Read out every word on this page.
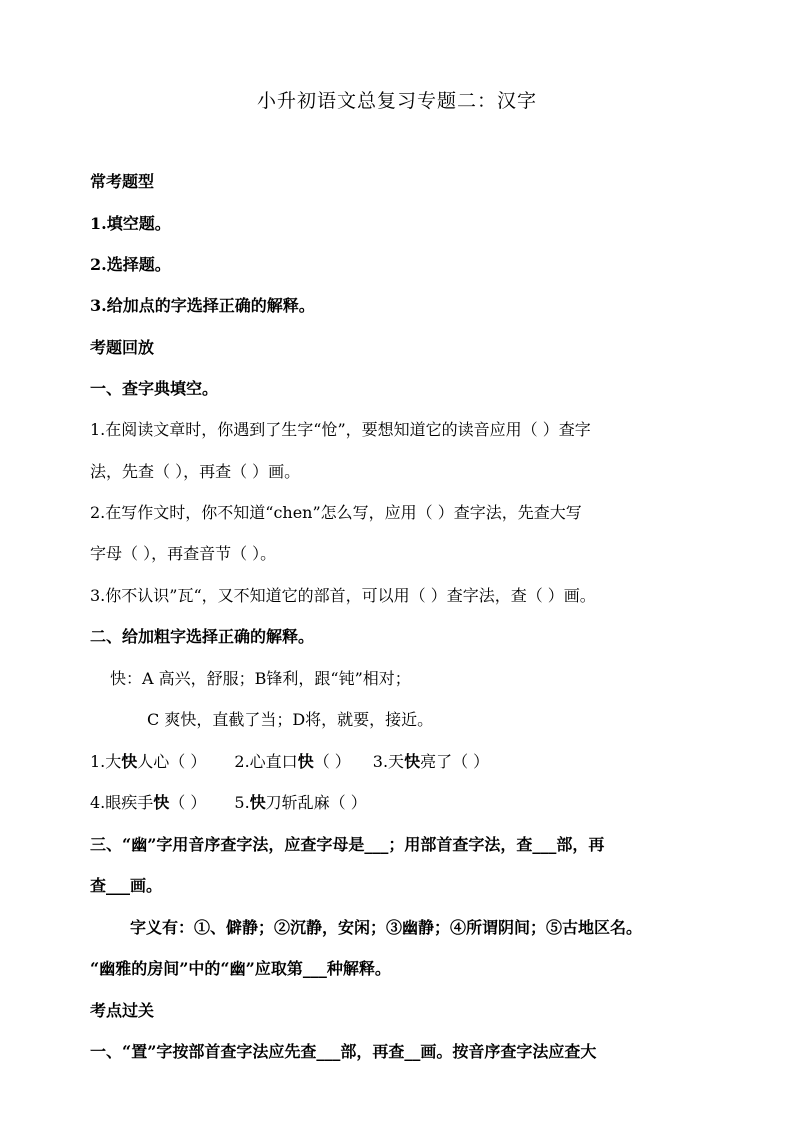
小升初语文总复习专题二：汉字
常考题型
1.填空题。
2.选择题。
3.给加点的字选择正确的解释。
考题回放
一、查字典填空。
1.在阅读文章时，你遇到了生字“怆”，要想知道它的读音应用（ ）查字
法，先查（ ），再查（ ）画。
2.在写作文时，你不知道“chen”怎么写，应用（ ）查字法，先查大写
字母（ ），再查音节（ ）。
3.你不认识”瓦“，又不知道它的部首，可以用（ ）查字法，查（ ）画。
二、给加粗字选择正确的解释。
快：A 高兴，舒服；B锋利，跟“钝”相对；
C 爽快，直截了当；D将，就要，接近。
1.大快人心（ ） 2.心直口快（ ） 3.天快亮了（ ）
4.眼疾手快（ ） 5.快刀斩乱麻（ ）
三、“幽”字用音序查字法，应查字母是___；用部首查字法，查___部，再
查___画。
字义有：①、僻静；②沉静，安闲；③幽静；④所谓阴间；⑤古地区名。
“幽雅的房间”中的“幽”应取第___种解释。
考点过关
一、“置”字按部首查字法应先查___部，再查__画。按音序查字法应查大
